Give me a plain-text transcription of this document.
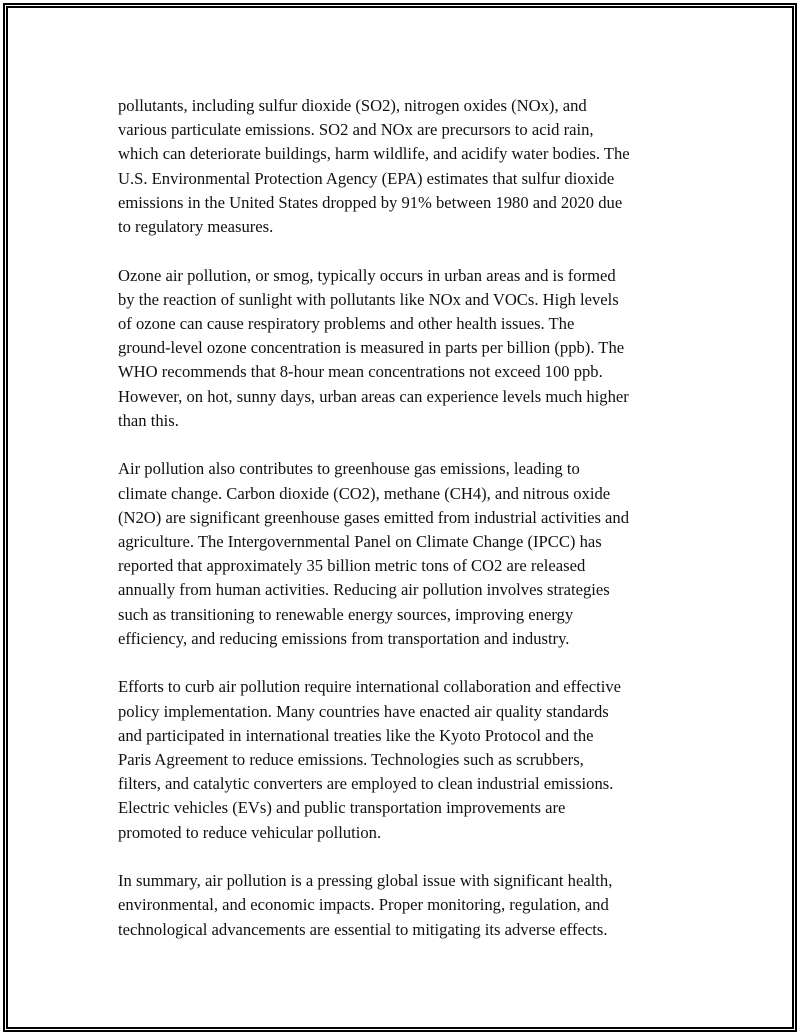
pollutants, including sulfur dioxide (SO2), nitrogen oxides (NOx), and
various particulate emissions. SO2 and NOx are precursors to acid rain,
which can deteriorate buildings, harm wildlife, and acidify water bodies. The
U.S. Environmental Protection Agency (EPA) estimates that sulfur dioxide
emissions in the United States dropped by 91% between 1980 and 2020 due
to regulatory measures.

Ozone air pollution, or smog, typically occurs in urban areas and is formed
by the reaction of sunlight with pollutants like NOx and VOCs. High levels
of ozone can cause respiratory problems and other health issues. The
ground-level ozone concentration is measured in parts per billion (ppb). The
WHO recommends that 8-hour mean concentrations not exceed 100 ppb.
However, on hot, sunny days, urban areas can experience levels much higher
than this.

Air pollution also contributes to greenhouse gas emissions, leading to
climate change. Carbon dioxide (CO2), methane (CH4), and nitrous oxide
(N2O) are significant greenhouse gases emitted from industrial activities and
agriculture. The Intergovernmental Panel on Climate Change (IPCC) has
reported that approximately 35 billion metric tons of CO2 are released
annually from human activities. Reducing air pollution involves strategies
such as transitioning to renewable energy sources, improving energy
efficiency, and reducing emissions from transportation and industry.

Efforts to curb air pollution require international collaboration and effective
policy implementation. Many countries have enacted air quality standards
and participated in international treaties like the Kyoto Protocol and the
Paris Agreement to reduce emissions. Technologies such as scrubbers,
filters, and catalytic converters are employed to clean industrial emissions.
Electric vehicles (EVs) and public transportation improvements are
promoted to reduce vehicular pollution.

In summary, air pollution is a pressing global issue with significant health,
environmental, and economic impacts. Proper monitoring, regulation, and
technological advancements are essential to mitigating its adverse effects.
